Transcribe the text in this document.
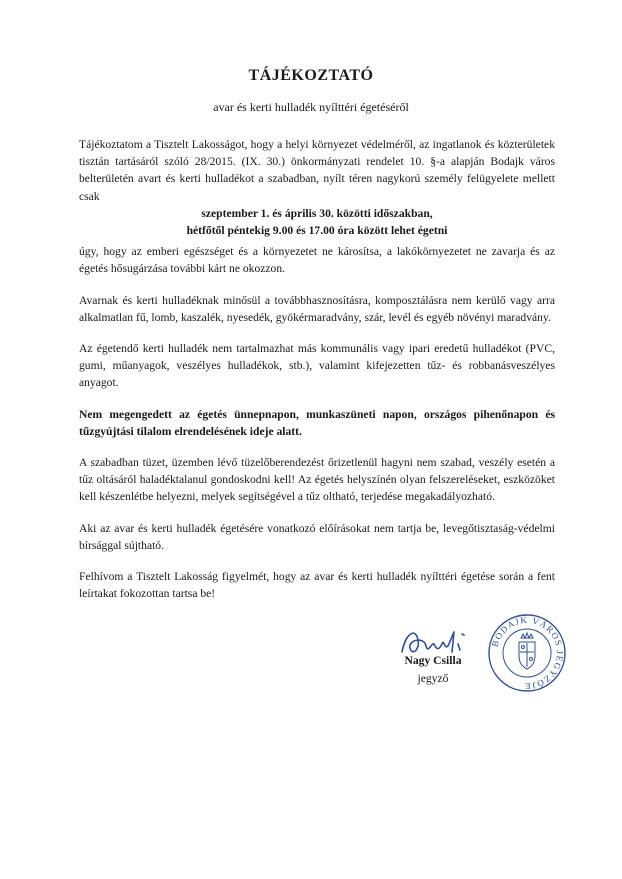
TÁJÉKOZTATÓ
avar és kerti hulladék nyílttéri égetéséről

Tájékoztatom a Tisztelt Lakosságot, hogy a helyi környezet védelméről, az ingatlanok és közterületek tisztán tartásáról szóló 28/2015. (IX. 30.) önkormányzati rendelet 10. §-a alapján Bodajk város belterületén avart és kerti hulladékot a szabadban, nyílt téren nagykorú személy felügyelete mellett csak

szeptember 1. és április 30. közötti időszakban,

hétfőtől péntekig 9.00 és 17.00 óra között lehet égetni

úgy, hogy az emberi egészséget és a környezetet ne károsítsa, a lakókörnyezetet ne zavarja és az égetés hősugárzása további kárt ne okozzon.

Avarnak és kerti hulladéknak minősül a továbbhasznosításra, komposztálásra nem kerülő vagy arra alkalmatlan fű, lomb, kaszalék, nyesedék, gyökérmaradvány, szár, levél és egyéb növényi maradvány.

Az égetendő kerti hulladék nem tartalmazhat más kommunális vagy ipari eredetű hulladékot (PVC, gumi, műanyagok, veszélyes hulladékok, stb.), valamint kifejezetten tűz- és robbanásveszélyes anyagot.

Nem megengedett az égetés ünnepnapon, munkaszüneti napon, országos pihenőnapon és tűzgyújtási tilalom elrendelésének ideje alatt.

A szabadban tüzet, üzemben lévő tüzelőberendezést őrizetlenül hagyni nem szabad, veszély esetén a tűz oltásáról haladéktalanul gondoskodni kell! Az égetés helyszínén olyan felszereléseket, eszközöket kell készenlétbe helyezni, melyek segítségével a tűz oltható, terjedése megakadályozható.

Aki az avar és kerti hulladék égetésére vonatkozó előírásokat nem tartja be, levegőtisztaság-védelmi bírsággal sújtható.

Felhívom a Tisztelt Lakosság figyelmét, hogy az avar és kerti hulladék nyílttéri égetése során a fent leírtakat fokozottan tartsa be!

Nagy Csilla
jegyző
BODAJK VÁROS JEGYZŐJE
